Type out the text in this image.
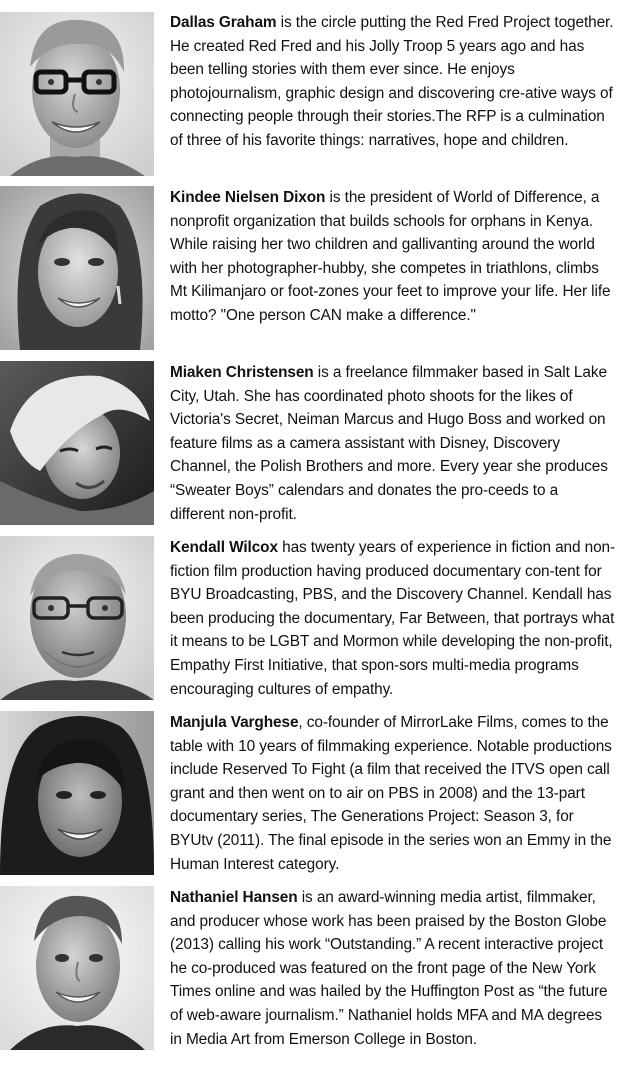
Dallas Graham is the circle putting the Red Fred Project together. He created Red Fred and his Jolly Troop 5 years ago and has been telling stories with them ever since. He enjoys photojournalism, graphic design and discovering cre-ative ways of connecting people through their stories.The RFP is a culmination of three of his favorite things: narratives, hope and children.
Kindee Nielsen Dixon is the president of World of Difference, a nonprofit organization that builds schools for orphans in Kenya. While raising her two children and gallivanting around the world with her photographer-hubby, she competes in triathlons, climbs Mt Kilimanjaro or foot-zones your feet to improve your life. Her life motto? "One person CAN make a difference."
Miaken Christensen is a freelance filmmaker based in Salt Lake City, Utah. She has coordinated photo shoots for the likes of Victoria's Secret, Neiman Marcus and Hugo Boss and worked on feature films as a camera assistant with Disney, Discovery Channel, the Polish Brothers and more. Every year she produces “Sweater Boys” calendars and donates the pro-ceeds to a different non-profit.
Kendall Wilcox has twenty years of experience in fiction and non-fiction film production having produced documentary con-tent for BYU Broadcasting, PBS, and the Discovery Channel. Kendall has been producing the documentary, Far Between, that portrays what it means to be LGBT and Mormon while developing the non-profit, Empathy First Initiative, that spon-sors multi-media programs encouraging cultures of empathy.
Manjula Varghese, co-founder of MirrorLake Films, comes to the table with 10 years of filmmaking experience. Notable productions include Reserved To Fight (a film that received the ITVS open call grant and then went on to air on PBS in 2008) and the 13-part documentary series, The Generations Project: Season 3, for BYUtv (2011). The final episode in the series won an Emmy in the Human Interest category.
Nathaniel Hansen is an award-winning media artist, filmmaker, and producer whose work has been praised by the Boston Globe (2013) calling his work “Outstanding.” A recent interactive project he co-produced was featured on the front page of the New York Times online and was hailed by the Huffington Post as “the future of web-aware journalism.” Nathaniel holds MFA and MA degrees in Media Art from Emerson College in Boston.
